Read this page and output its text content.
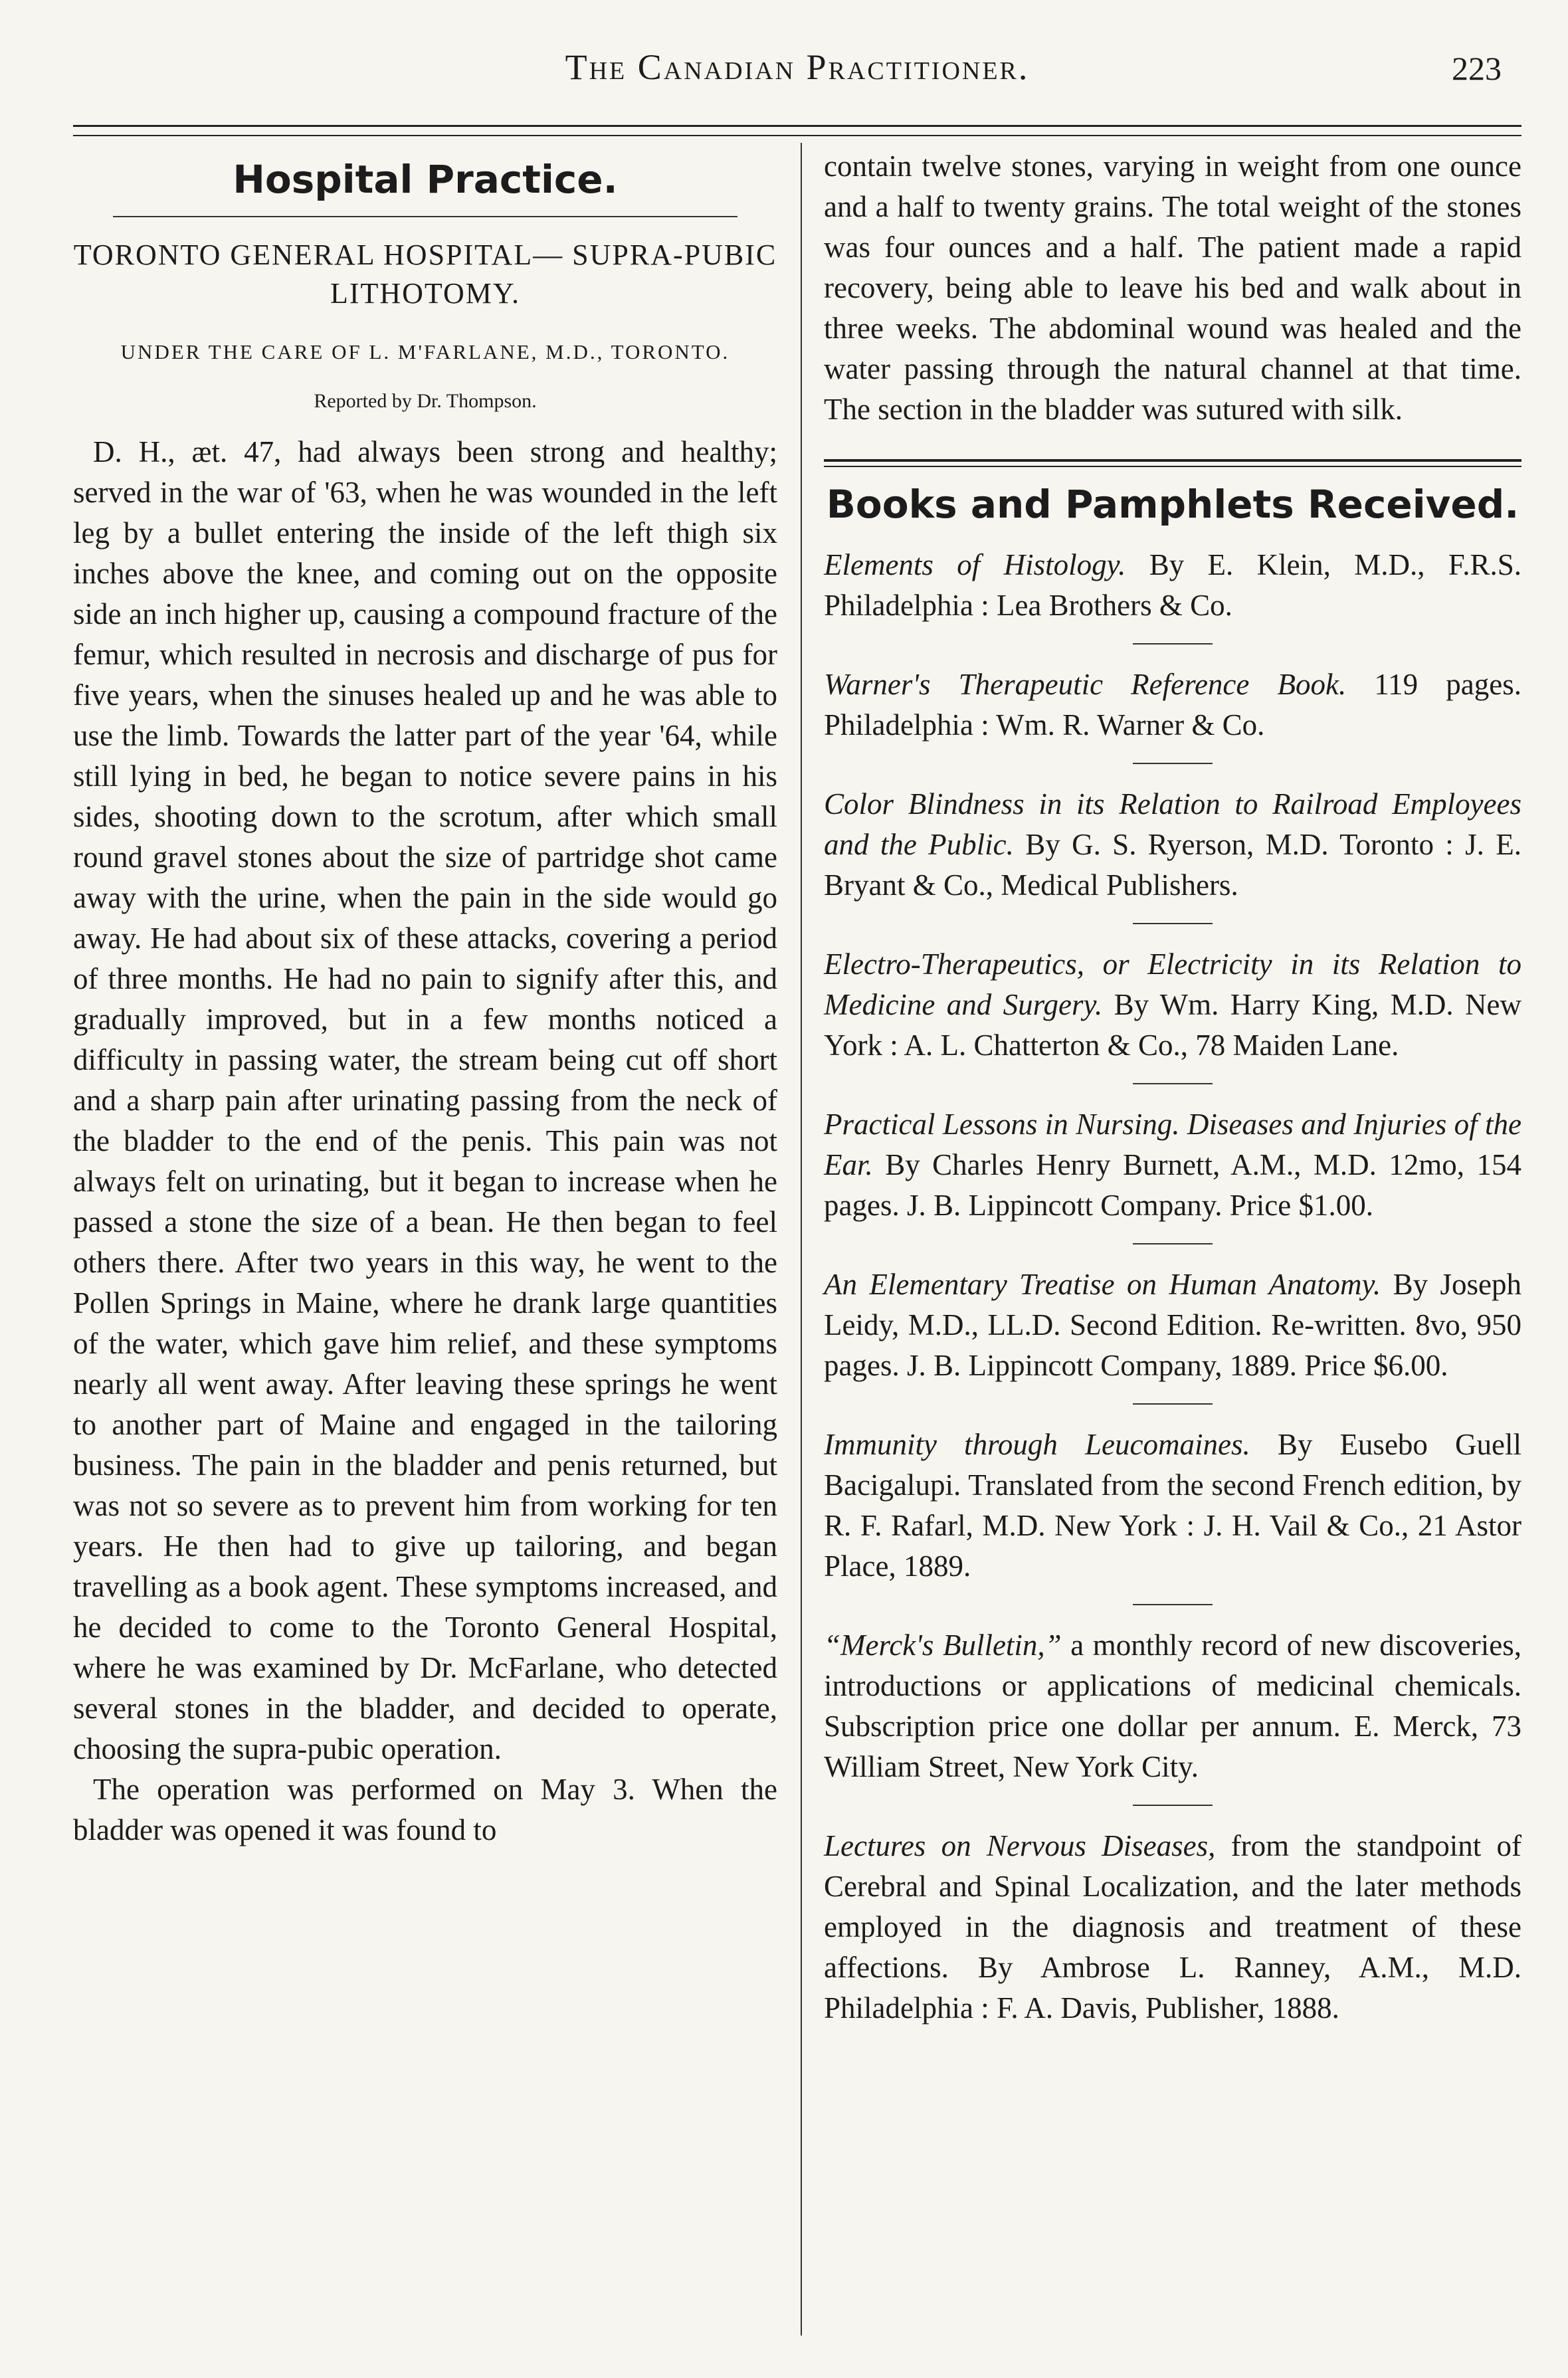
The Canadian Practitioner.	223
Hospital Practice.
TORONTO GENERAL HOSPITAL— SUPRA-PUBIC LITHOTOMY.
UNDER THE CARE OF L. M'FARLANE, M.D., TORONTO.
Reported by Dr. Thompson.

D. H., æt. 47, had always been strong and healthy; served in the war of '63, when he was wounded in the left leg by a bullet entering the inside of the left thigh six inches above the knee, and coming out on the opposite side an inch higher up, causing a compound fracture of the femur, which resulted in necrosis and discharge of pus for five years, when the sinuses healed up and he was able to use the limb. Towards the latter part of the year '64, while still lying in bed, he began to notice severe pains in his sides, shooting down to the scrotum, after which small round gravel stones about the size of partridge shot came away with the urine, when the pain in the side would go away. He had about six of these attacks, covering a period of three months. He had no pain to signify after this, and gradually improved, but in a few months noticed a difficulty in passing water, the stream being cut off short and a sharp pain after urinating passing from the neck of the bladder to the end of the penis. This pain was not always felt on urinating, but it began to increase when he passed a stone the size of a bean. He then began to feel others there. After two years in this way, he went to the Pollen Springs in Maine, where he drank large quantities of the water, which gave him relief, and these symptoms nearly all went away. After leaving these springs he went to another part of Maine and engaged in the tailoring business. The pain in the bladder and penis returned, but was not so severe as to prevent him from working for ten years. He then had to give up tailoring, and began travelling as a book agent. These symptoms increased, and he decided to come to the Toronto General Hospital, where he was examined by Dr. McFarlane, who detected several stones in the bladder, and decided to operate, choosing the supra-pubic operation.

The operation was performed on May 3. When the bladder was opened it was found to

contain twelve stones, varying in weight from one ounce and a half to twenty grains. The total weight of the stones was four ounces and a half. The patient made a rapid recovery, being able to leave his bed and walk about in three weeks. The abdominal wound was healed and the water passing through the natural channel at that time. The section in the bladder was sutured with silk.

Books and Pamphlets Received.
Elements of Histology. By E. Klein, M.D., F.R.S. Philadelphia : Lea Brothers & Co.
Warner's Therapeutic Reference Book. 119 pages. Philadelphia : Wm. R. Warner & Co.
Color Blindness in its Relation to Railroad Employees and the Public. By G. S. Ryerson, M.D. Toronto : J. E. Bryant & Co., Medical Publishers.
Electro-Therapeutics, or Electricity in its Relation to Medicine and Surgery. By Wm. Harry King, M.D. New York : A. L. Chatterton & Co., 78 Maiden Lane.
Practical Lessons in Nursing. Diseases and Injuries of the Ear. By Charles Henry Burnett, A.M., M.D. 12mo, 154 pages. J. B. Lippincott Company. Price $1.00.
An Elementary Treatise on Human Anatomy. By Joseph Leidy, M.D., LL.D. Second Edition. Re-written. 8vo, 950 pages. J. B. Lippincott Company, 1889. Price $6.00.
Immunity through Leucomaines. By Eusebo Guell Bacigalupi. Translated from the second French edition, by R. F. Rafarl, M.D. New York : J. H. Vail & Co., 21 Astor Place, 1889.
“Merck's Bulletin,” a monthly record of new discoveries, introductions or applications of medicinal chemicals. Subscription price one dollar per annum. E. Merck, 73 William Street, New York City.
Lectures on Nervous Diseases, from the standpoint of Cerebral and Spinal Localization, and the later methods employed in the diagnosis and treatment of these affections. By Ambrose L. Ranney, A.M., M.D. Philadelphia : F. A. Davis, Publisher, 1888.
